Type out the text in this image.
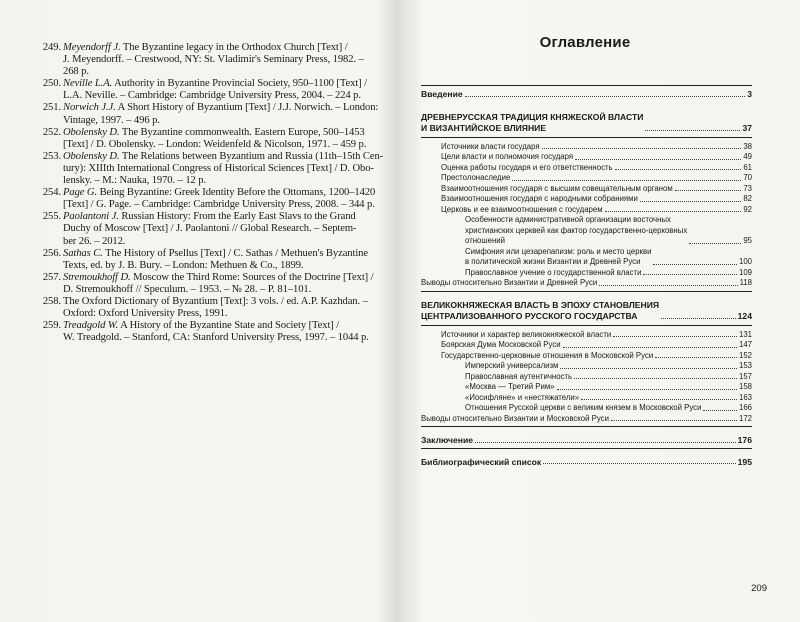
249. Meyendorff J. The Byzantine legacy in the Orthodox Church [Text] /
J. Meyendorff. – Crestwood, NY: St. Vladimir's Seminary Press, 1982. –
268 p.
250. Neville L.A. Authority in Byzantine Provincial Society, 950–1100 [Text] /
L.A. Neville. – Cambridge: Cambridge University Press, 2004. – 224 p.
251. Norwich J.J. A Short History of Byzantium [Text] / J.J. Norwich. – London:
Vintage, 1997. – 496 p.
252. Obolensky D. The Byzantine commonwealth. Eastern Europe, 500–1453
[Text] / D. Obolensky. – London: Weidenfeld & Nicolson, 1971. – 459 p.
253. Obolensky D. The Relations between Byzantium and Russia (11th–15th Cen-
tury): XIIIth International Congress of Historical Sciences [Text] / D. Obo-
lensky. – M.: Nauka, 1970. – 12 p.
254. Page G. Being Byzantine: Greek Identity Before the Ottomans, 1200–1420
[Text] / G. Page. – Cambridge: Cambridge University Press, 2008. – 344 p.
255. Paolantoni J. Russian History: From the Early East Slavs to the Grand
Duchy of Moscow [Text] / J. Paolantoni // Global Research. – Septem-
ber 26. – 2012.
256. Sathas C. The History of Psellus [Text] / C. Sathas / Methuen's Byzantine
Texts, ed. by J. B. Bury. – London: Methuen & Co., 1899.
257. Stremoukhoff D. Moscow the Third Rome: Sources of the Doctrine [Text] /
D. Stremoukhoff // Speculum. – 1953. – № 28. – P. 81–101.
258. The Oxford Dictionary of Byzantium [Text]: 3 vols. / ed. A.P. Kazhdan. –
Oxford: Oxford University Press, 1991.
259. Treadgold W. A History of the Byzantine State and Society [Text] /
W. Treadgold. – Stanford, CA: Stanford University Press, 1997. – 1044 p.
Оглавление
Введение	3
ДРЕВНЕРУССКАЯ ТРАДИЦИЯ КНЯЖЕСКОЙ ВЛАСТИ
И ВИЗАНТИЙСКОЕ ВЛИЯНИЕ	37
Источники власти государя	38
Цели власти и полномочия государя	49
Оценка работы государя и его ответственность	61
Престолонаследие	70
Взаимоотношения государя с высшим совещательным органом	73
Взаимоотношения государя с народными собраниями	82
Церковь и ее взаимоотношения с государем	92
Особенности административной организации восточных
христианских церквей как фактор государственно-церковных
отношений	95
Симфония или цезарепапизм: роль и место церкви
в политической жизни Византии и Древней Руси	100
Православное учение о государственной власти	109
Выводы относительно Византии и Древней Руси	118
ВЕЛИКОКНЯЖЕСКАЯ ВЛАСТЬ В ЭПОХУ СТАНОВЛЕНИЯ
ЦЕНТРАЛИЗОВАННОГО РУССКОГО ГОСУДАРСТВА	124
Источники и характер великокняжеской власти	131
Боярская Дума Московской Руси	147
Государственно-церковные отношения в Московской Руси	152
Имперский универсализм	153
Православная аутентичность	157
«Москва — Третий Рим»	158
«Иосифляне» и «нестяжатели»	163
Отношения Русской церкви с великим князем в Московской Руси	166
Выводы относительно Византии и Московской Руси	172
Заключение	176
Библиографический список	195
209
